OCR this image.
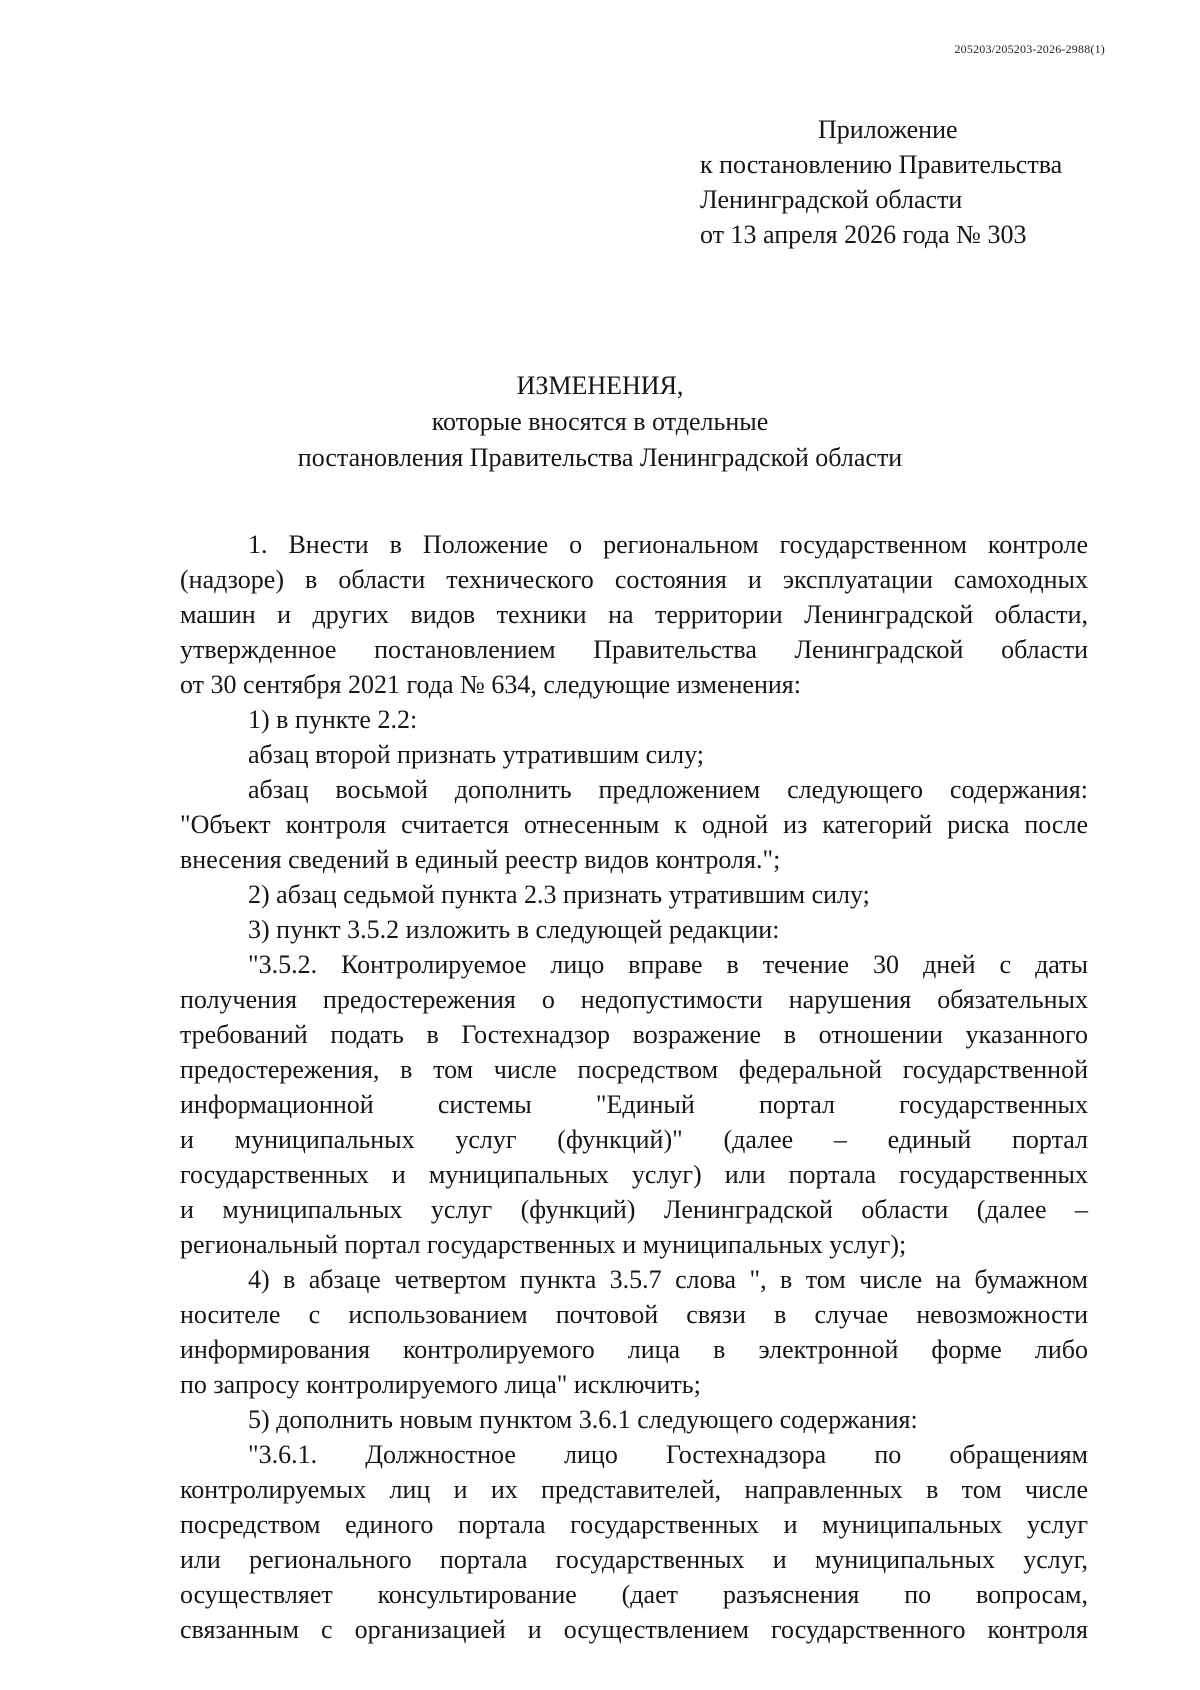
205203/205203-2026-2988(1)
Приложение
к постановлению Правительства
Ленинградской области
от 13 апреля 2026 года № 303
ИЗМЕНЕНИЯ,
которые вносятся в отдельные
постановления Правительства Ленинградской области
1. Внести в Положение о региональном государственном контроле
(надзоре) в области технического состояния и эксплуатации самоходных
машин и других видов техники на территории Ленинградской области,
утвержденное постановлением Правительства Ленинградской области
от 30 сентября 2021 года № 634, следующие изменения:
1) в пункте 2.2:
абзац второй признать утратившим силу;
абзац восьмой дополнить предложением следующего содержания:
"Объект контроля считается отнесенным к одной из категорий риска после
внесения сведений в единый реестр видов контроля.";
2) абзац седьмой пункта 2.3 признать утратившим силу;
3) пункт 3.5.2 изложить в следующей редакции:
"3.5.2. Контролируемое лицо вправе в течение 30 дней с даты
получения предостережения о недопустимости нарушения обязательных
требований подать в Гостехнадзор возражение в отношении указанного
предостережения, в том числе посредством федеральной государственной
информационной системы "Единый портал государственных
и муниципальных услуг (функций)" (далее – единый портал
государственных и муниципальных услуг) или портала государственных
и муниципальных услуг (функций) Ленинградской области (далее –
региональный портал государственных и муниципальных услуг);
4) в абзаце четвертом пункта 3.5.7 слова ", в том числе на бумажном
носителе с использованием почтовой связи в случае невозможности
информирования контролируемого лица в электронной форме либо
по запросу контролируемого лица" исключить;
5) дополнить новым пунктом 3.6.1 следующего содержания:
"3.6.1. Должностное лицо Гостехнадзора по обращениям
контролируемых лиц и их представителей, направленных в том числе
посредством единого портала государственных и муниципальных услуг
или регионального портала государственных и муниципальных услуг,
осуществляет консультирование (дает разъяснения по вопросам,
связанным с организацией и осуществлением государственного контроля
